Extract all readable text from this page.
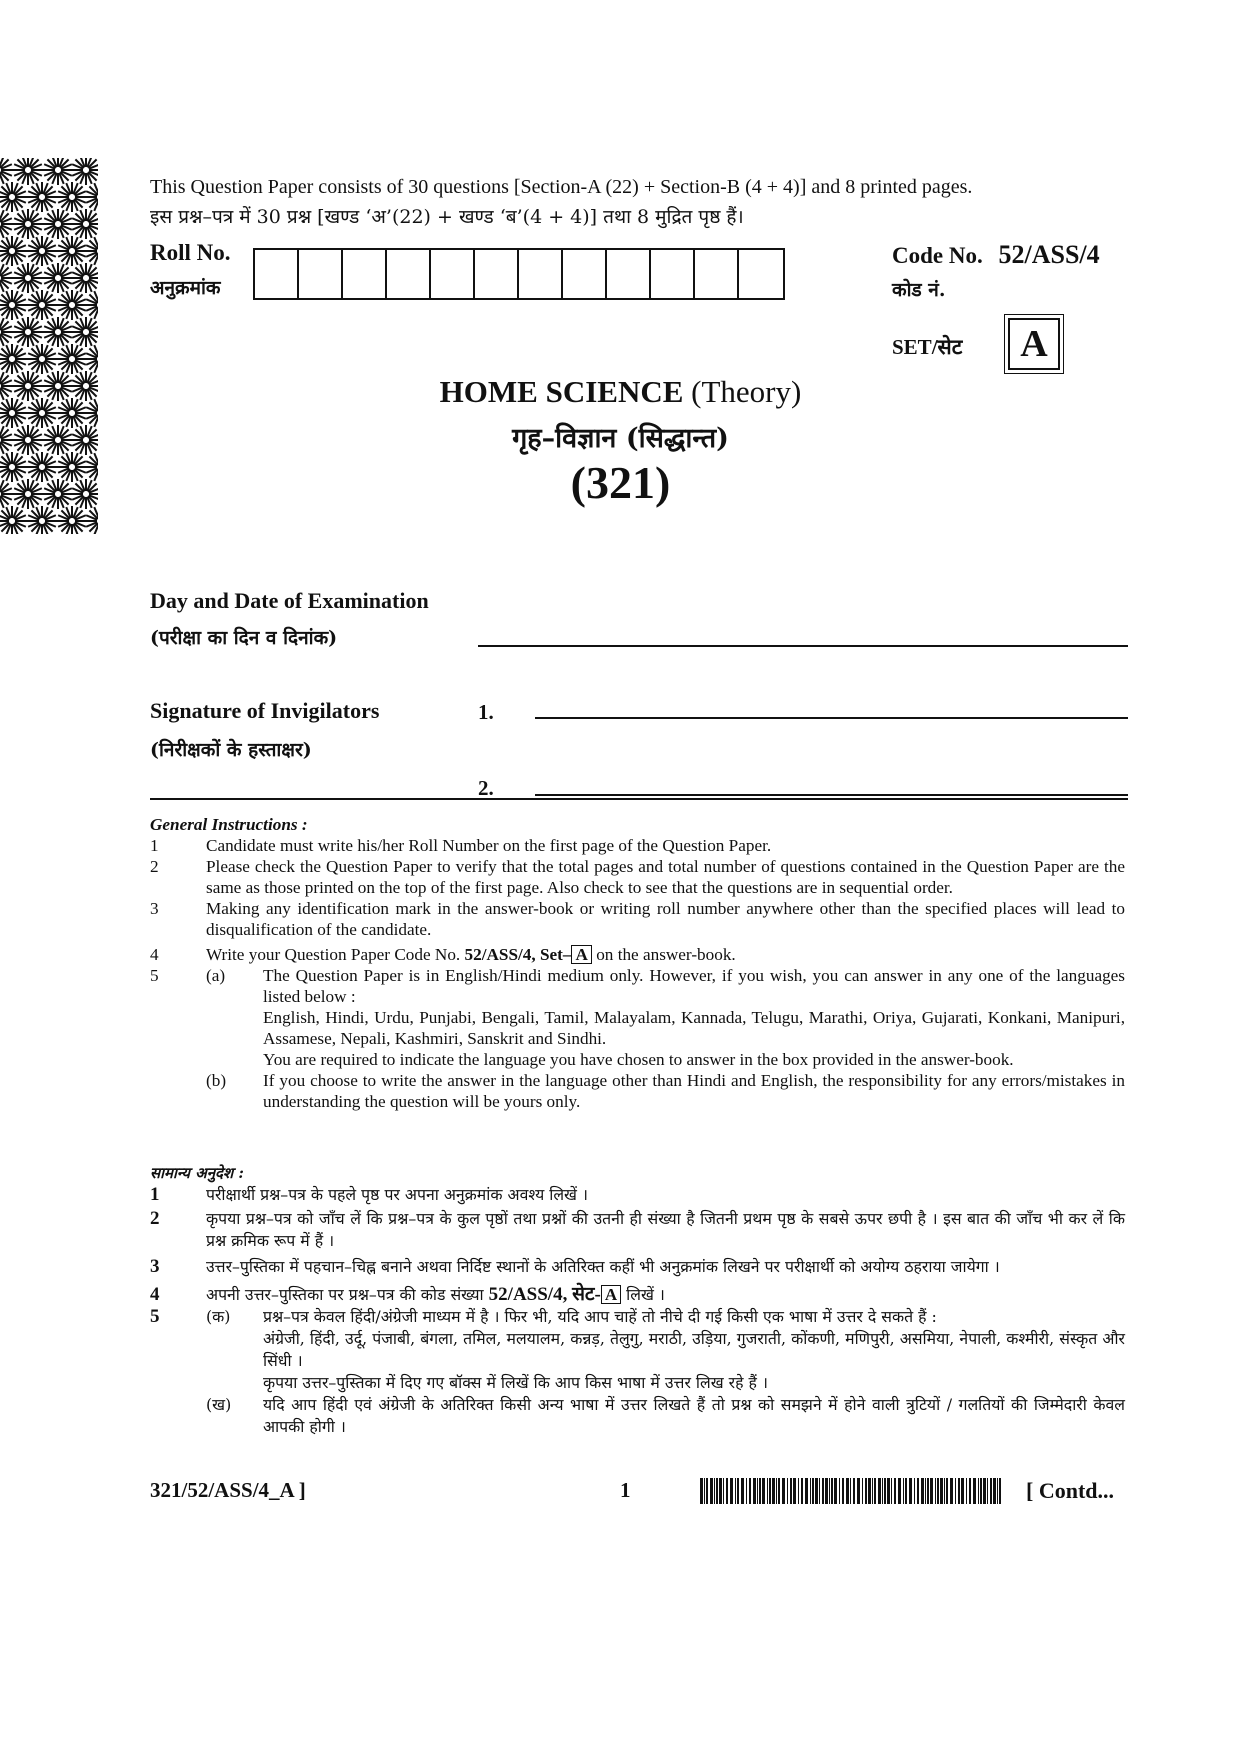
This Question Paper consists of 30 questions [Section-A (22) + Section-B (4 + 4)] and 8 printed pages.
इस प्रश्न–पत्र में 30 प्रश्न [खण्ड ‘अ’(22) + खण्ड ‘ब’(4 + 4)] तथा 8 मुद्रित पृष्ठ हैं।
Roll No.
अनुक्रमांक
Code No. 52/ASS/4
कोड नं.
SET/सेट	A
HOME SCIENCE (Theory)
गृह–विज्ञान (सिद्धान्त)
(321)
Day and Date of Examination
(परीक्षा का दिन व दिनांक)
Signature of Invigilators
(निरीक्षकों के हस्ताक्षर)
1.
2.
General Instructions :
1	Candidate must write his/her Roll Number on the first page of the Question Paper.
2	Please check the Question Paper to verify that the total pages and total number of questions contained in the Question Paper are the same as those printed on the top of the first page. Also check to see that the questions are in sequential order.
3	Making any identification mark in the answer-book or writing roll number anywhere other than the specified places will lead to disqualification of the candidate.
4	Write your Question Paper Code No. 52/ASS/4, Set– A on the answer-book.
5	(a)	The Question Paper is in English/Hindi medium only. However, if you wish, you can answer in any one of the languages listed below :
English, Hindi, Urdu, Punjabi, Bengali, Tamil, Malayalam, Kannada, Telugu, Marathi, Oriya, Gujarati, Konkani, Manipuri, Assamese, Nepali, Kashmiri, Sanskrit and Sindhi.
You are required to indicate the language you have chosen to answer in the box provided in the answer-book.
(b)	If you choose to write the answer in the language other than Hindi and English, the responsibility for any errors/mistakes in understanding the question will be yours only.
सामान्य अनुदेश :
1	परीक्षार्थी प्रश्न–पत्र के पहले पृष्ठ पर अपना अनुक्रमांक अवश्य लिखें ।
2	कृपया प्रश्न–पत्र को जाँच लें कि प्रश्न–पत्र के कुल पृष्ठों तथा प्रश्नों की उतनी ही संख्या है जितनी प्रथम पृष्ठ के सबसे ऊपर छपी है । इस बात की जाँच भी कर लें कि प्रश्न क्रमिक रूप में हैं ।
3	उत्तर–पुस्तिका में पहचान–चिह्न बनाने अथवा निर्दिष्ट स्थानों के अतिरिक्त कहीं भी अनुक्रमांक लिखने पर परीक्षार्थी को अयोग्य ठहराया जायेगा ।
4	अपनी उत्तर–पुस्तिका पर प्रश्न–पत्र की कोड संख्या 52/ASS/4, सेट- A लिखें ।
5	(क)	प्रश्न–पत्र केवल हिंदी/अंग्रेजी माध्यम में है । फिर भी, यदि आप चाहें तो नीचे दी गई किसी एक भाषा में उत्तर दे सकते हैं :
अंग्रेजी, हिंदी, उर्दू, पंजाबी, बंगला, तमिल, मलयालम, कन्नड़, तेलुगु, मराठी, उड़िया, गुजराती, कोंकणी, मणिपुरी, असमिया, नेपाली, कश्मीरी, संस्कृत और सिंधी ।
कृपया उत्तर–पुस्तिका में दिए गए बॉक्स में लिखें कि आप किस भाषा में उत्तर लिख रहे हैं ।
(ख)	यदि आप हिंदी एवं अंग्रेजी के अतिरिक्त किसी अन्य भाषा में उत्तर लिखते हैं तो प्रश्न को समझने में होने वाली त्रुटियों / गलतियों की जिम्मेदारी केवल आपकी होगी ।
321/52/ASS/4_A ]	1	[ Contd...
